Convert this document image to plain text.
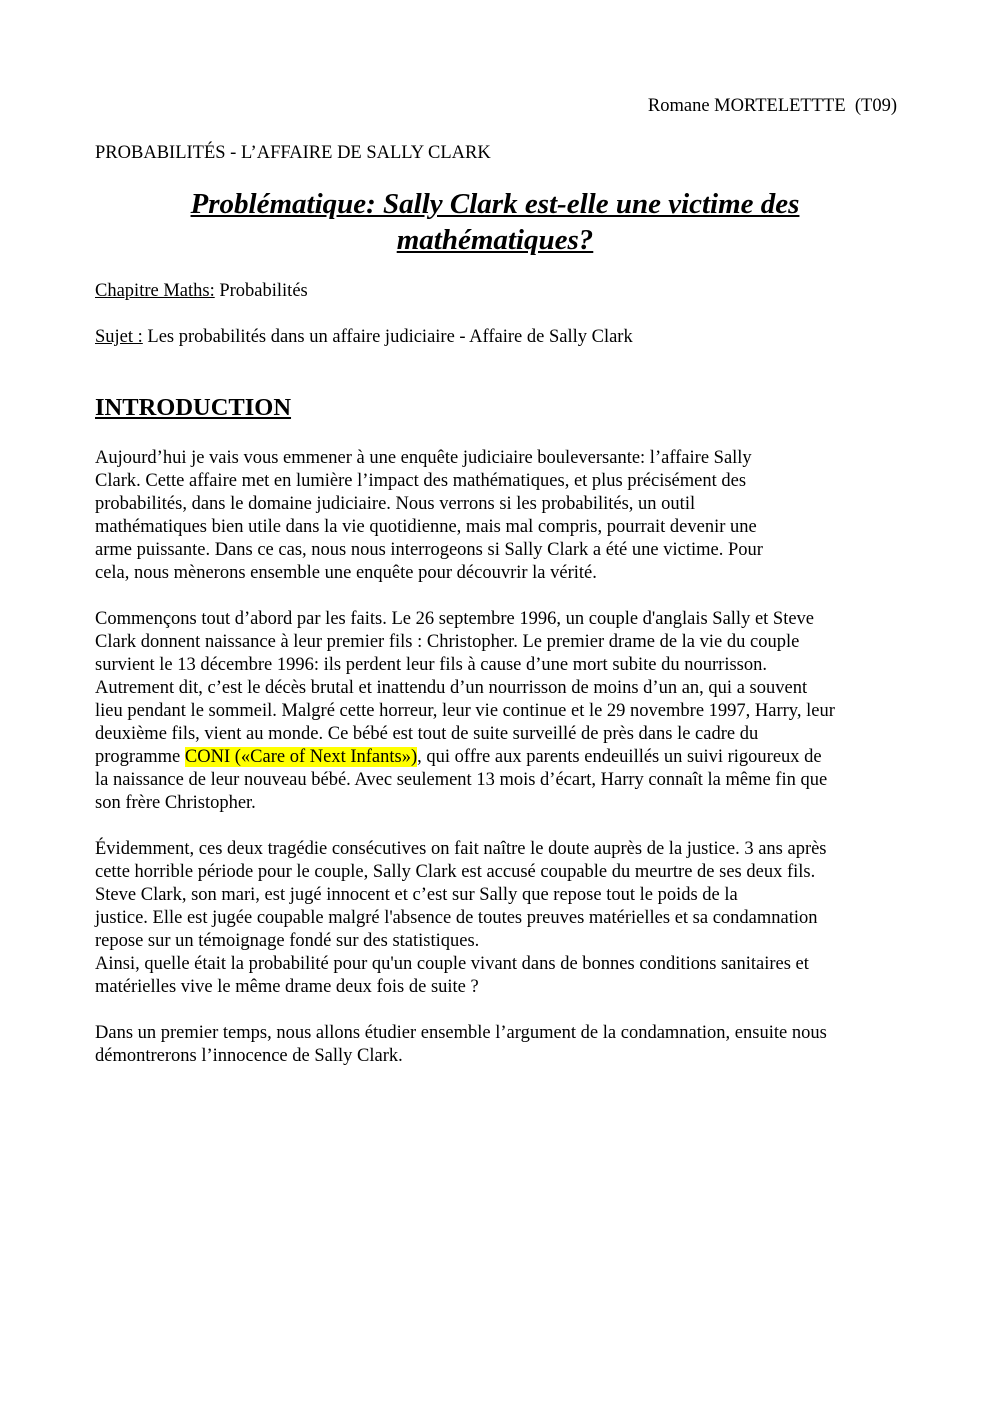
Romane MORTELETTTE  (T09)
PROBABILITÉS - L’AFFAIRE DE SALLY CLARK
Problématique: Sally Clark est-elle une victime des
mathématiques?
Chapitre Maths: Probabilités
Sujet : Les probabilités dans un affaire judiciaire - Affaire de Sally Clark
INTRODUCTION

Aujourd’hui je vais vous emmener à une enquête judiciaire bouleversante: l’affaire Sally
Clark. Cette affaire met en lumière l’impact des mathématiques, et plus précisément des
probabilités, dans le domaine judiciaire. Nous verrons si les probabilités, un outil
mathématiques bien utile dans la vie quotidienne, mais mal compris, pourrait devenir une
arme puissante. Dans ce cas, nous nous interrogeons si Sally Clark a été une victime. Pour
cela, nous mènerons ensemble une enquête pour découvrir la vérité.

Commençons tout d’abord par les faits. Le 26 septembre 1996, un couple d'anglais Sally et Steve
Clark donnent naissance à leur premier fils : Christopher. Le premier drame de la vie du couple
survient le 13 décembre 1996: ils perdent leur fils à cause d’une mort subite du nourrisson.
Autrement dit, c’est le décès brutal et inattendu d’un nourrisson de moins d’un an, qui a souvent
lieu pendant le sommeil. Malgré cette horreur, leur vie continue et le 29 novembre 1997, Harry, leur
deuxième fils, vient au monde. Ce bébé est tout de suite surveillé de près dans le cadre du
programme CONI («Care of Next Infants»), qui offre aux parents endeuillés un suivi rigoureux de
la naissance de leur nouveau bébé. Avec seulement 13 mois d’écart, Harry connaît la même fin que
son frère Christopher.

Évidemment, ces deux tragédie consécutives on fait naître le doute auprès de la justice. 3 ans après
cette horrible période pour le couple, Sally Clark est accusé coupable du meurtre de ses deux fils.
Steve Clark, son mari, est jugé innocent et c’est sur Sally que repose tout le poids de la
justice. Elle est jugée coupable malgré l'absence de toutes preuves matérielles et sa condamnation
repose sur un témoignage fondé sur des statistiques.
Ainsi, quelle était la probabilité pour qu'un couple vivant dans de bonnes conditions sanitaires et
matérielles vive le même drame deux fois de suite ?

Dans un premier temps, nous allons étudier ensemble l’argument de la condamnation, ensuite nous
démontrerons l’innocence de Sally Clark.
